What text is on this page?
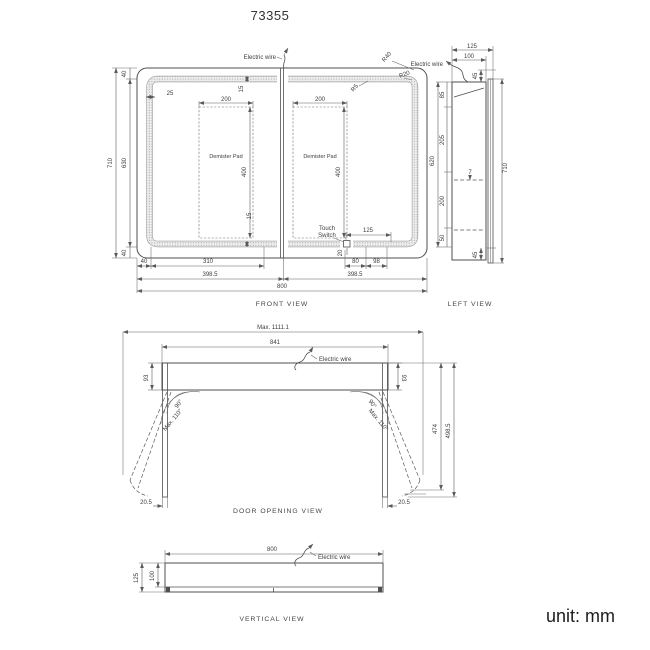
73355
Demister Pad	Demister Pad
Touch
Switch
Electric wire	R40
R20
R5
710 630
40
40
25
15
15
200	200
400	400
125
20
40	310	80 98
398.5	398.5
800
FRONT VIEW
7
125
100
45
Electric wire
85
205
200
50
620
710
45
LEFT VIEW
Max. 1111.1
841
93	93
90°
Max. 110°
90°
Max. 110°	474 498.5
20.5	20.5
Electric wire
DOOR OPENING VIEW
800
125 100
Electric wire
VERTICAL VIEW	unit: mm
